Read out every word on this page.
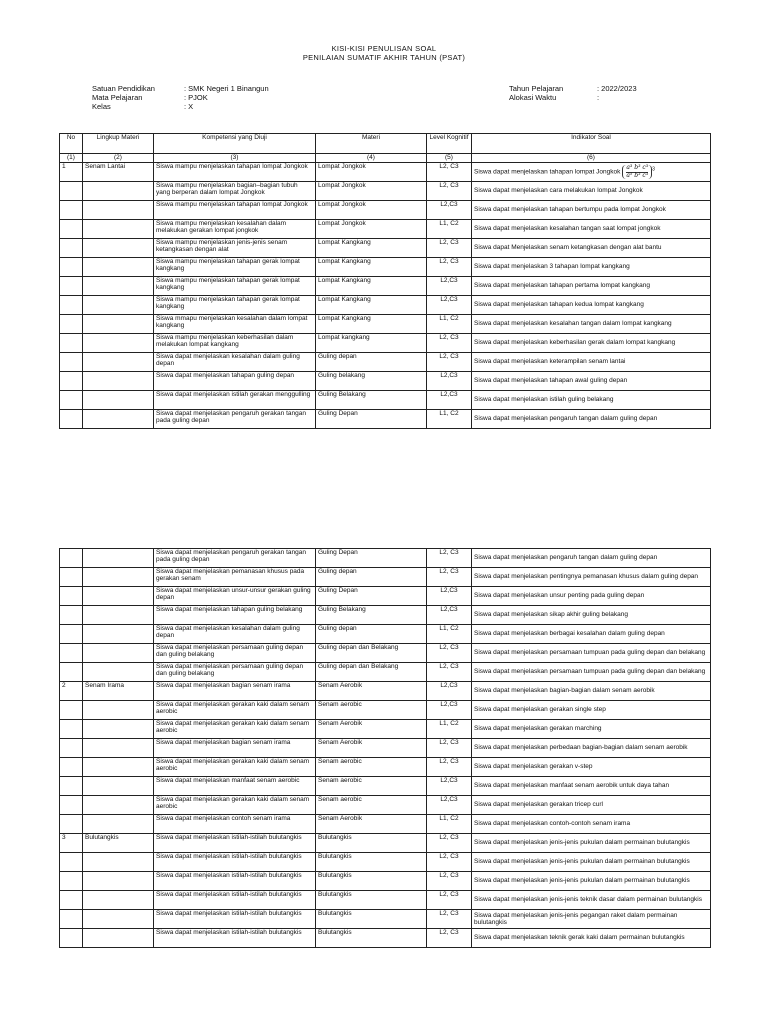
KISI-KISI PENULISAN SOAL
PENILAIAN SUMATIF AKHIR TAHUN (PSAT)
Satuan Pendidikan	: SMK Negeri 1 Binangun
Mata Pelajaran	: PJOK
Kelas	: X
Tahun Pelajaran	: 2022/2023
Alokasi Waktu	:
No	Lingkup Materi	Kompetensi yang Diuji	Materi	Level Kognitif	Indikator Soal
(1)	(2)	(3)	(4)	(5)	(6)
1	Senam Lantai	Siswa mampu menjelaskan tahapan lompat Jongkok	Lompat Jongkok	L2, C3	Siswa dapat menjelaskan tahapan lompat Jongkok $\frac{\text{a³ b³ c³}}{\text{a⁵ b³ c³}}^3$
		Siswa mampu menjelaskan bagian–bagian tubuh yang berperan dalam lompat Jongkok	Lompat Jongkok	L2, C3	Siswa dapat menjelaskan cara melakukan lompat Jongkok
		Siswa mampu menjelaskan tahapan lompat Jongkok	Lompat Jongkok	L2,C3	Siswa dapat menjelaskan tahapan bertumpu pada lompat Jongkok
		Siswa mampu menjelaskan kesalahan dalam melakukan gerakan lompat jongkok	Lompat Jongkok	L1, C2	Siswa dapat menjelaskan kesalahan tangan saat lompat jongkok
		Siswa mampu menjelaskan jenis-jenis senam ketangkasan dengan alat	Lompat Kangkang	L2, C3	Siswa dapat Menjelaskan senam ketangkasan dengan alat bantu
		Siswa mampu menjelaskan tahapan gerak lompat kangkang	Lompat Kangkang	L2, C3	Siswa dapat menjelaskan 3 tahapan lompat kangkang
		Siswa mampu menjelaskan tahapan gerak lompat kangkang	Lompat Kangkang	L2,C3	Siswa dapat menjelaskan tahapan pertama lompat kangkang
		Siswa mampu menjelaskan tahapan gerak lompat kangkang	Lompat Kangkang	L2,C3	Siswa dapat menjelaskan tahapan kedua lompat kangkang
		Siswa mmapu menjelaskan kesalahan dalam lompat kangkang	Lompat Kangkang	L1, C2	Siswa dapat menjelaskan kesalahan tangan dalam lompat kangkang
		Siswa mampu menjelaskan keberhasilan dalam melakukan lompat kangkang	Lompat kangkang	L2, C3	Siswa dapat menjelaskan keberhasilan gerak dalam lompat kangkang
		Siswa dapat menjelaskan kesalahan dalam guling depan	Guling depan	L2, C3	Siswa dapat menjelaskan keterampilan senam lantai
		Siswa dapat menjelaskan tahapan guling depan	Guling belakang	L2,C3	Siswa dapat menjelaskan tahapan awal guling depan
		Siswa dapat menjelaskan istilah gerakan menggulling	Guling Belakang	L2,C3	Siswa dapat menjelaskan istilah guling belakang
		Siswa dapat menjelaskan pengaruh gerakan tangan pada guling depan	Guling Depan	L1, C2	Siswa dapat menjelaskan pengaruh tangan dalam guling depan
		Siswa dapat menjelaskan pengaruh gerakan tangan pada guling depan	Guling Depan	L2, C3	Siswa dapat menjelaskan pengaruh tangan dalam guling depan
		Siswa dapat menjelaskan pemanasan khusus pada gerakan senam	Guling depan	L2, C3	Siswa dapat menjelaskan pentingnya pemanasan khusus dalam guling depan
		Siswa dapat menjelaskan unsur-unsur gerakan guling depan	Guling Depan	L2,C3	Siswa dapat menjelaskan unsur penting pada guling depan
		Siswa dapat menjelaskan tahapan guling belakang	Guling Belakang	L2,C3	Siswa dapat menjelaskan sikap akhir guling belakang
		Siswa dapat menjelaskan kesalahan dalam guling depan	Guling depan	L1, C2	Siswa dapat menjelaskan berbagai kesalahan dalam guling depan
		Siswa dapat menjelaskan persamaan guling depan dan guling belakang	Guling depan dan Belakang	L2, C3	Siswa dapat menjelaskan persamaan tumpuan pada guling depan dan belakang
		Siswa dapat menjelaskan persamaan guling depan dan guling belakang	Guling depan dan Belakang	L2, C3	Siswa dapat menjelaskan persamaan tumpuan pada guling depan dan belakang
2	Senam Irama	Siswa dapat menjelaskan bagian senam irama	Senam Aerobik	L2,C3	Siswa dapat menjelaskan bagian-bagian dalam senam aerobik
		Siswa dapat menjelaskan gerakan kaki dalam senam aerobic	Senam aerobic	L2,C3	Siswa dapat menjelaskan gerakan single step
		Siswa dapat menjelaskan gerakan kaki dalam senam aerobic	Senam Aerobik	L1, C2	Siswa dapat menjelaskan gerakan marching
		Siswa dapat menjelaskan bagian senam irama	Senam Aerobik	L2, C3	Siswa dapat menjelaskan perbedaan bagian-bagian dalam senam aerobik
		Siswa dapat menjelaskan gerakan kaki dalam senam aerobic	Senam aerobic	L2, C3	Siswa dapat menjelaskan gerakan v-step
		Siswa dapat menjelaskan manfaat senam aerobic	Senam aerobic	L2,C3	Siswa dapat menjelaskan manfaat senam aerobik untuk daya tahan
		Siswa dapat menjelaskan gerakan kaki dalam senam aerobic	Senam aerobic	L2,C3	Siswa dapat menjelaskan gerakan tricep curl
		Siswa dapat menjelaskan contoh senam irama	Senam Aerobik	L1, C2	Siswa dapat menjelaskan contoh-contoh senam irama
3	Bulutangkis	Siswa dapat menjelaskan istilah-istilah bulutangkis	Bulutangkis	L2, C3	Siswa dapat menjelaskan jenis-jenis pukulan dalam permainan bulutangkis
		Siswa dapat menjelaskan istilah-istilah bulutangkis	Bulutangkis	L2, C3	Siswa dapat menjelaskan jenis-jenis pukulan dalam permainan bulutangkis
		Siswa dapat menjelaskan istilah-istilah bulutangkis	Bulutangkis	L2, C3	Siswa dapat menjelaskan jenis-jenis pukulan dalam permainan bulutangkis
		Siswa dapat menjelaskan istilah-istilah bulutangkis	Bulutangkis	L2, C3	Siswa dapat menjelaskan jenis-jenis teknik dasar dalam permainan bulutangkis
		Siswa dapat menjelaskan istilah-istilah bulutangkis	Bulutangkis	L2, C3	Siswa dapat menjelaskan jenis-jenis pegangan raket dalam permainan bulutangkis
		Siswa dapat menjelaskan istilah-istilah bulutangkis	Bulutangkis	L2, C3	Siswa dapat menjelaskan teknik gerak kaki dalam permainan bulutangkis
